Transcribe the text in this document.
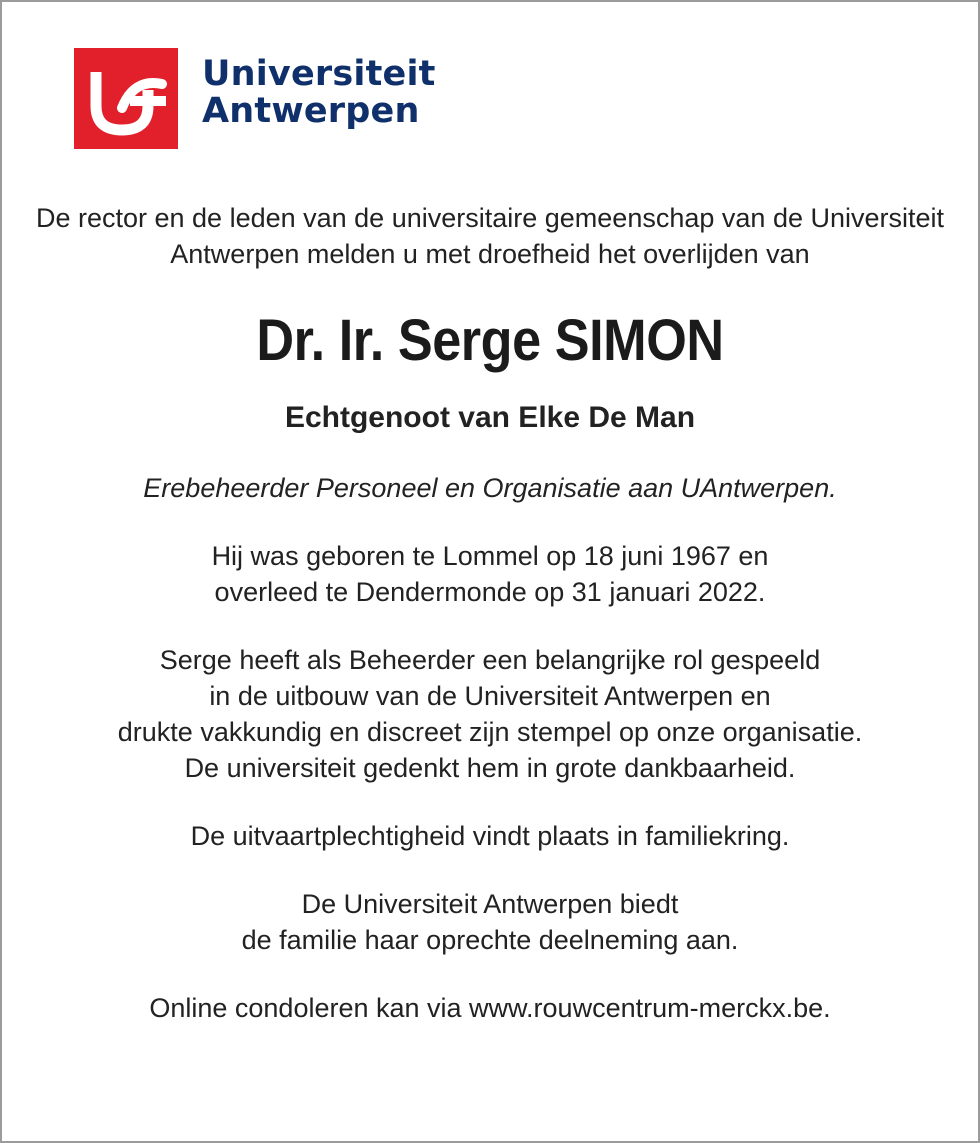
Universiteit
Antwerpen

De rector en de leden van de universitaire gemeenschap van de Universiteit Antwerpen melden u met droefheid het overlijden van

Dr. Ir. Serge SIMON
Echtgenoot van Elke De Man
Erebeheerder Personeel en Organisatie aan UAntwerpen.

Hij was geboren te Lommel op 18 juni 1967 en
overleed te Dendermonde op 31 januari 2022.

Serge heeft als Beheerder een belangrijke rol gespeeld
in de uitbouw van de Universiteit Antwerpen en
drukte vakkundig en discreet zijn stempel op onze organisatie.
De universiteit gedenkt hem in grote dankbaarheid.

De uitvaartplechtigheid vindt plaats in familiekring.

De Universiteit Antwerpen biedt
de familie haar oprechte deelneming aan.

Online condoleren kan via www.rouwcentrum-merckx.be.
